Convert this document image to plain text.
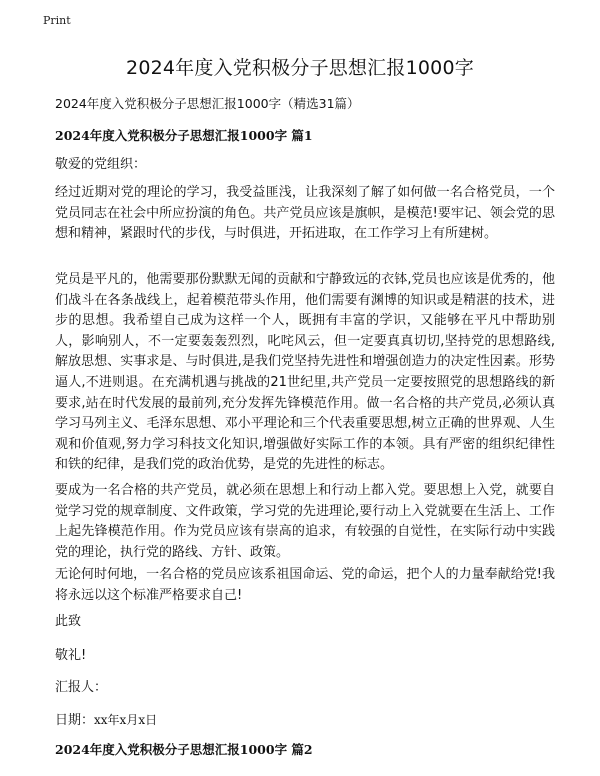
Print
2024年度入党积极分子思想汇报1000字

2024年度入党积极分子思想汇报1000字（精选31篇）

2024年度入党积极分子思想汇报1000字 篇1

敬爱的党组织：

经过近期对党的理论的学习，我受益匪浅，让我深刻了解了如何做一名合格党员，一个党员同志在社会中所应扮演的角色。共产党员应该是旗帜，是模范!要牢记、领会党的思想和精神，紧跟时代的步伐，与时俱进，开拓进取，在工作学习上有所建树。

党员是平凡的，他需要那份默默无闻的贡献和宁静致远的衣钵,党员也应该是优秀的，他们战斗在各条战线上，起着模范带头作用，他们需要有渊博的知识或是精湛的技术，进步的思想。我希望自己成为这样一个人，既拥有丰富的学识，又能够在平凡中帮助别人，影响别人，不一定要轰轰烈烈，叱咤风云，但一定要真真切切,坚持党的思想路线,解放思想、实事求是、与时俱进,是我们党坚持先进性和增强创造力的决定性因素。形势逼人,不进则退。在充满机遇与挑战的21世纪里,共产党员一定要按照党的思想路线的新要求,站在时代发展的最前列,充分发挥先锋模范作用。做一名合格的共产党员,必须认真学习马列主义、毛泽东思想、邓小平理论和三个代表重要思想,树立正确的世界观、人生观和价值观,努力学习科技文化知识,增强做好实际工作的本领。具有严密的组织纪律性和铁的纪律，是我们党的政治优势，是党的先进性的标志。

要成为一名合格的共产党员，就必须在思想上和行动上都入党。要思想上入党，就要自觉学习党的规章制度、文件政策，学习党的先进理论,要行动上入党就要在生活上、工作上起先锋模范作用。作为党员应该有崇高的追求，有较强的自觉性，在实际行动中实践党的理论，执行党的路线、方针、政策。

无论何时何地，一名合格的党员应该系祖国命运、党的命运，把个人的力量奉献给党!我将永远以这个标准严格要求自己!

此致

敬礼!

汇报人：

日期：xx年x月x日

2024年度入党积极分子思想汇报1000字 篇2
